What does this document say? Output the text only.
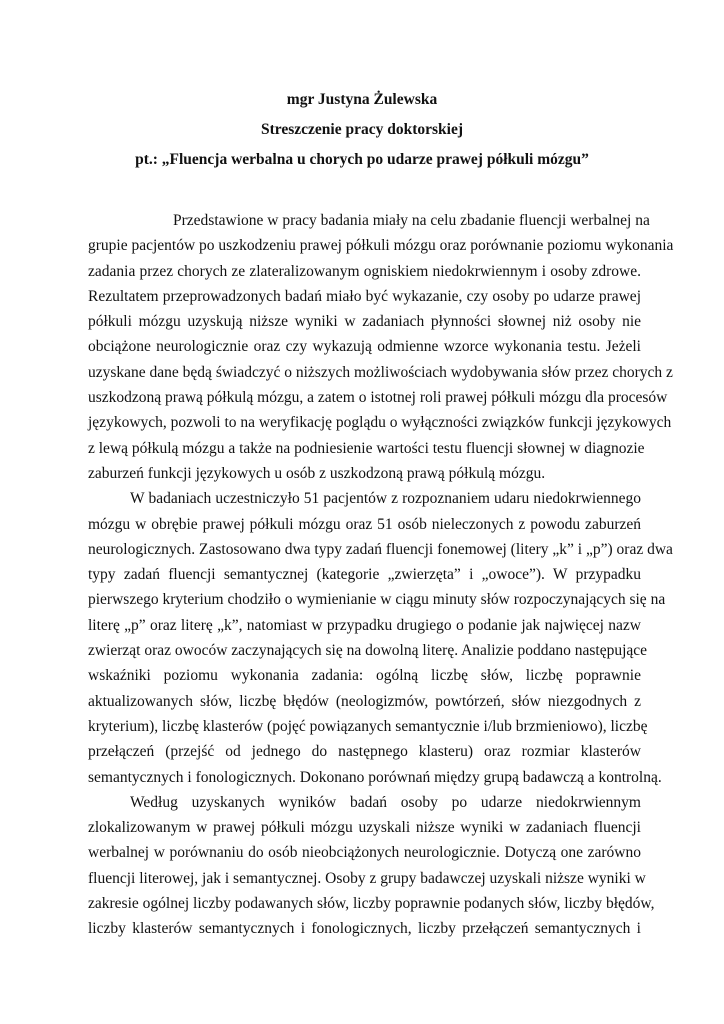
mgr Justyna Żulewska

Streszczenie pracy doktorskiej

pt.: „Fluencja werbalna u chorych po udarze prawej półkuli mózgu”

Przedstawione w pracy badania miały na celu zbadanie fluencji werbalnej na
grupie pacjentów po uszkodzeniu prawej półkuli mózgu oraz porównanie poziomu wykonania
zadania przez chorych ze zlateralizowanym ogniskiem niedokrwiennym i osoby zdrowe.
Rezultatem przeprowadzonych badań miało być wykazanie, czy osoby po udarze prawej
półkuli mózgu uzyskują niższe wyniki w zadaniach płynności słownej niż osoby nie
obciążone neurologicznie oraz czy wykazują odmienne wzorce wykonania testu. Jeżeli
uzyskane dane będą świadczyć o niższych możliwościach wydobywania słów przez chorych z
uszkodzoną prawą półkulą mózgu, a zatem o istotnej roli prawej półkuli mózgu dla procesów
językowych, pozwoli to na weryfikację poglądu o wyłączności związków funkcji językowych
z lewą półkulą mózgu a także na podniesienie wartości testu fluencji słownej w diagnozie
zaburzeń funkcji językowych u osób z uszkodzoną prawą półkulą mózgu.
W badaniach uczestniczyło 51 pacjentów z rozpoznaniem udaru niedokrwiennego
mózgu w obrębie prawej półkuli mózgu oraz 51 osób nieleczonych z powodu zaburzeń
neurologicznych. Zastosowano dwa typy zadań fluencji fonemowej (litery „k” i „p”) oraz dwa
typy zadań fluencji semantycznej (kategorie „zwierzęta” i „owoce”). W przypadku
pierwszego kryterium chodziło o wymienianie w ciągu minuty słów rozpoczynających się na
literę „p” oraz literę „k”, natomiast w przypadku drugiego o podanie jak najwięcej nazw
zwierząt oraz owoców zaczynających się na dowolną literę. Analizie poddano następujące
wskaźniki poziomu wykonania zadania: ogólną liczbę słów, liczbę poprawnie
aktualizowanych słów, liczbę błędów (neologizmów, powtórzeń, słów niezgodnych z
kryterium), liczbę klasterów (pojęć powiązanych semantycznie i/lub brzmieniowo), liczbę
przełączeń (przejść od jednego do następnego klasteru) oraz rozmiar klasterów
semantycznych i fonologicznych. Dokonano porównań między grupą badawczą a kontrolną.
Według uzyskanych wyników badań osoby po udarze niedokrwiennym
zlokalizowanym w prawej półkuli mózgu uzyskali niższe wyniki w zadaniach fluencji
werbalnej w porównaniu do osób nieobciążonych neurologicznie. Dotyczą one zarówno
fluencji literowej, jak i semantycznej. Osoby z grupy badawczej uzyskali niższe wyniki w
zakresie ogólnej liczby podawanych słów, liczby poprawnie podanych słów, liczby błędów,
liczby klasterów semantycznych i fonologicznych, liczby przełączeń semantycznych i
